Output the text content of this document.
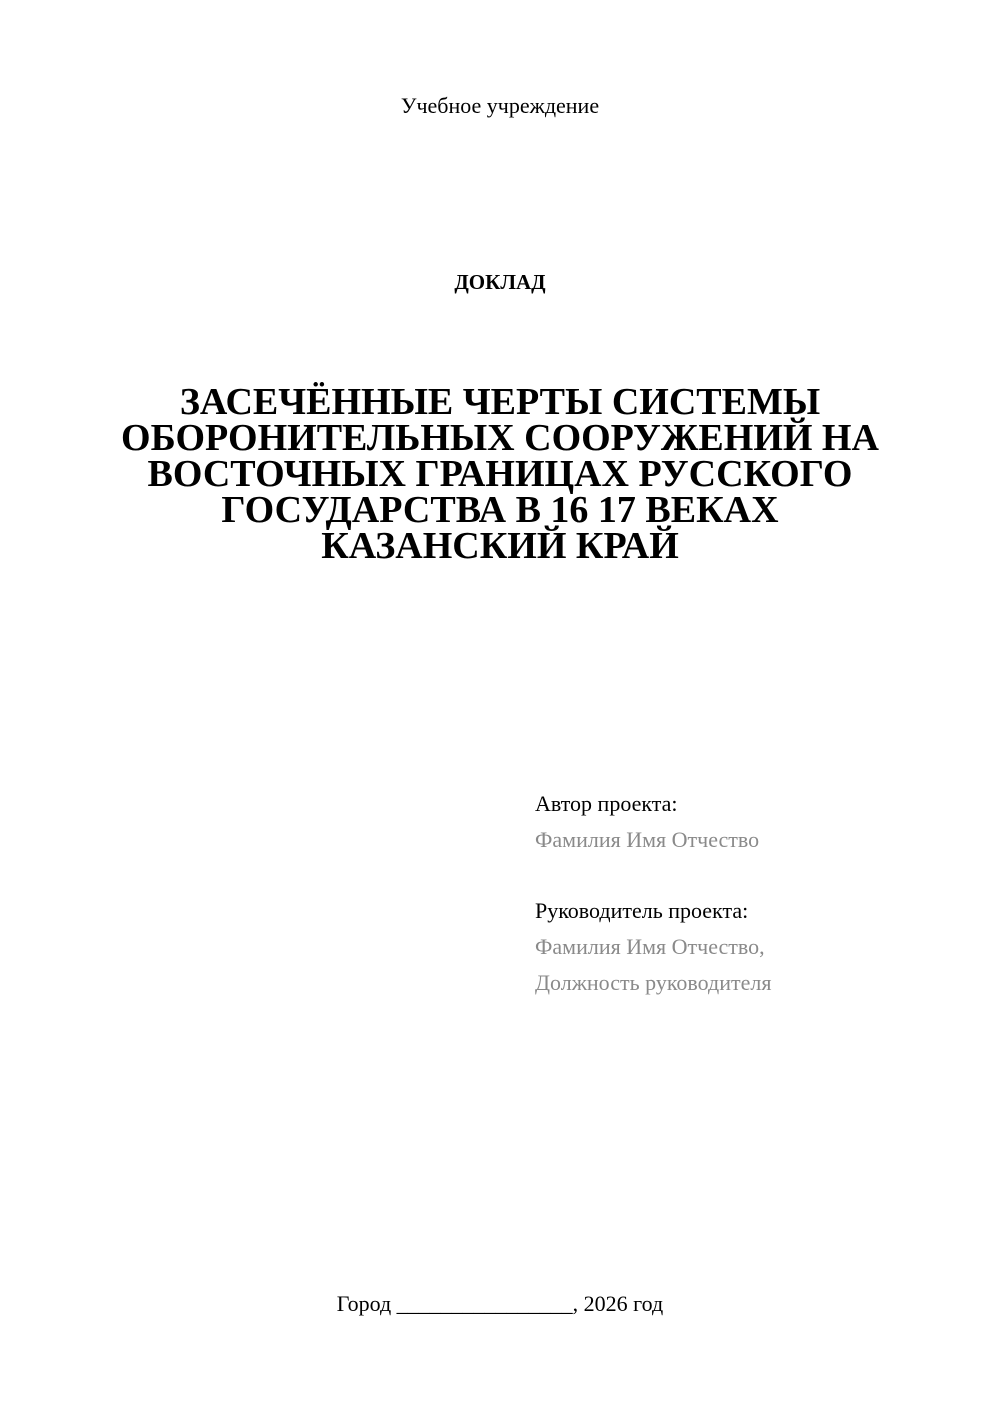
Учебное учреждение
ДОКЛАД
ЗАСЕЧЁННЫЕ ЧЕРТЫ СИСТЕМЫ
ОБОРОНИТЕЛЬНЫХ СООРУЖЕНИЙ НА
ВОСТОЧНЫХ ГРАНИЦАХ РУССКОГО
ГОСУДАРСТВА В 16 17 ВЕКАХ
КАЗАНСКИЙ КРАЙ
Автор проекта:
Фамилия Имя Отчество
Руководитель проекта:
Фамилия Имя Отчество,
Должность руководителя
Город ________________, 2026 год
